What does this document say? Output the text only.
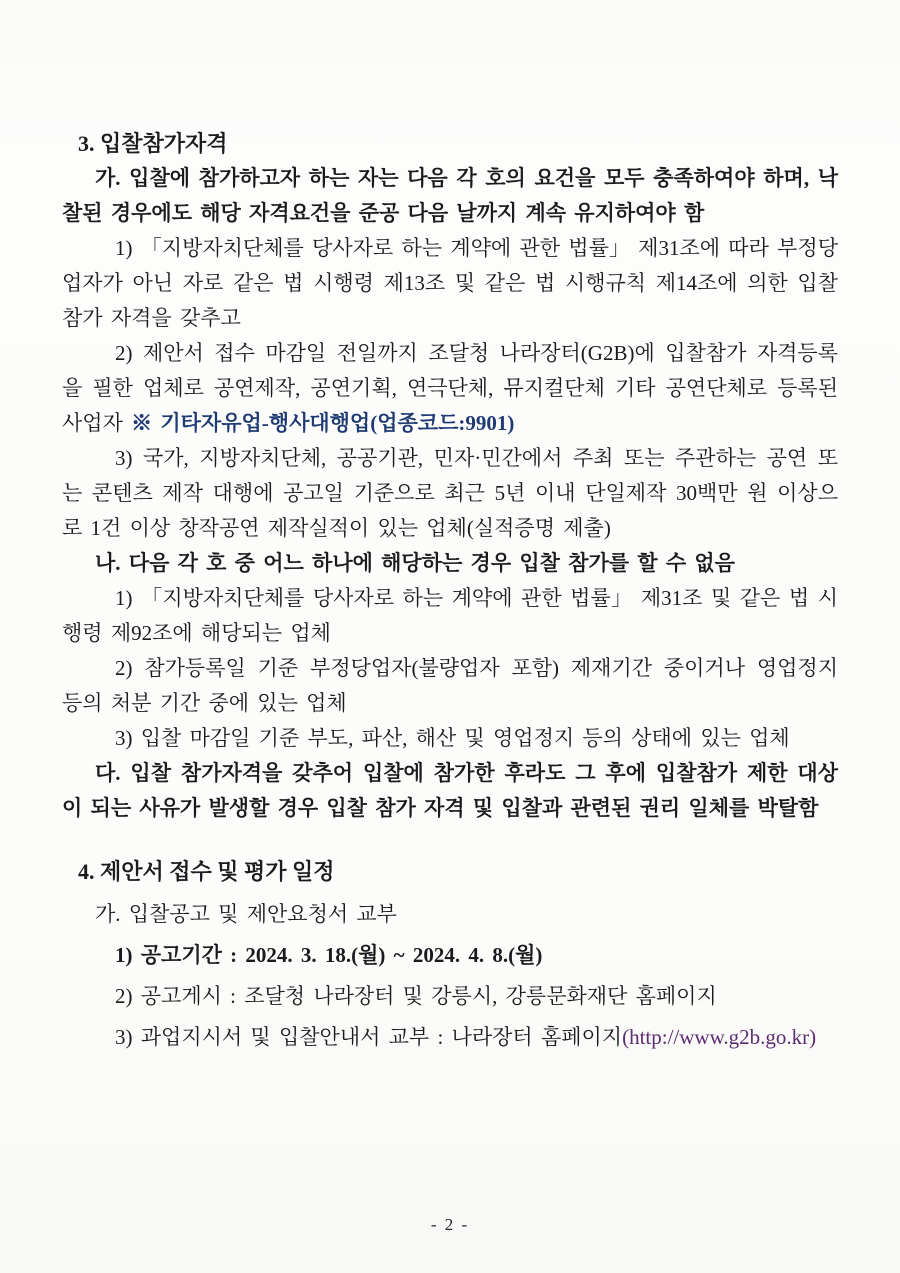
3. 입찰참가자격

가. 입찰에 참가하고자 하는 자는 다음 각 호의 요건을 모두 충족하여야 하며, 낙찰된 경우에도 해당 자격요건을 준공 다음 날까지 계속 유지하여야 함

1) 「지방자치단체를 당사자로 하는 계약에 관한 법률」 제31조에 따라 부정당업자가 아닌 자로 같은 법 시행령 제13조 및 같은 법 시행규칙 제14조에 의한 입찰참가 자격을 갖추고

2) 제안서 접수 마감일 전일까지 조달청 나라장터(G2B)에 입찰참가 자격등록을 필한 업체로 공연제작, 공연기획, 연극단체, 뮤지컬단체 기타 공연단체로 등록된 사업자 ※ 기타자유업-행사대행업(업종코드:9901)

3) 국가, 지방자치단체, 공공기관, 민자·민간에서 주최 또는 주관하는 공연 또는 콘텐츠 제작 대행에 공고일 기준으로 최근 5년 이내 단일제작 30백만 원 이상으로 1건 이상 창작공연 제작실적이 있는 업체(실적증명 제출)

나. 다음 각 호 중 어느 하나에 해당하는 경우 입찰 참가를 할 수 없음

1) 「지방자치단체를 당사자로 하는 계약에 관한 법률」 제31조 및 같은 법 시행령 제92조에 해당되는 업체

2) 참가등록일 기준 부정당업자(불량업자 포함) 제재기간 중이거나 영업정지 등의 처분 기간 중에 있는 업체

3) 입찰 마감일 기준 부도, 파산, 해산 및 영업정지 등의 상태에 있는 업체

다. 입찰 참가자격을 갖추어 입찰에 참가한 후라도 그 후에 입찰참가 제한 대상이 되는 사유가 발생할 경우 입찰 참가 자격 및 입찰과 관련된 권리 일체를 박탈함

4. 제안서 접수 및 평가 일정

가. 입찰공고 및 제안요청서 교부

1) 공고기간 : 2024. 3. 18.(월) ~ 2024. 4. 8.(월)

2) 공고게시 : 조달청 나라장터 및 강릉시, 강릉문화재단 홈페이지

3) 과업지시서 및 입찰안내서 교부 : 나라장터 홈페이지(http://www.g2b.go.kr)

- 2 -
